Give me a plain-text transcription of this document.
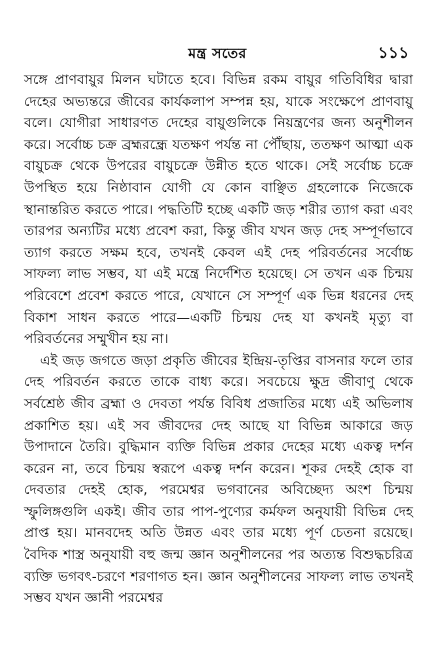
মন্ত্র সতের	১১১

সঙ্গে প্রাণবায়ুর মিলন ঘটাতে হবে। বিভিন্ন রকম বায়ুর গতিবিধির দ্বারা দেহের অভ্যন্তরে জীবের কার্যকলাপ সম্পন্ন হয়, যাকে সংক্ষেপে প্রাণবায়ু বলে। যোগীরা সাধারণত দেহের বায়ুগুলিকে নিয়ন্ত্রণের জন্য অনুশীলন করে। সর্বোচ্চ চক্র ব্রহ্মরন্ধ্রে যতক্ষণ পর্যন্ত না পৌঁছায়, ততক্ষণ আত্মা এক বায়ুচক্র থেকে উপরের বায়ুচক্রে উন্নীত হতে থাকে। সেই সর্বোচ্চ চক্রে উপস্থিত হয়ে নিষ্ঠাবান যোগী যে কোন বাঞ্ছিত গ্রহলোকে নিজেকে স্থানান্তরিত করতে পারে। পদ্ধতিটি হচ্ছে একটি জড় শরীর ত্যাগ করা এবং তারপর অন্যটির মধ্যে প্রবেশ করা, কিন্তু জীব যখন জড় দেহ সম্পূর্ণভাবে ত্যাগ করতে সক্ষম হবে, তখনই কেবল এই দেহ পরিবর্তনের সর্বোচ্চ সাফল্য লাভ সম্ভব, যা এই মন্ত্রে নির্দেশিত হয়েছে। সে তখন এক চিন্ময় পরিবেশে প্রবেশ করতে পারে, যেখানে সে সম্পূর্ণ এক ভিন্ন ধরনের দেহ বিকাশ সাধন করতে পারে—একটি চিন্ময় দেহ যা কখনই মৃত্যু বা পরিবর্তনের সম্মুখীন হয় না।

এই জড় জগতে জড়া প্রকৃতি জীবের ইন্দ্রিয়-তৃপ্তির বাসনার ফলে তার দেহ পরিবর্তন করতে তাকে বাধ্য করে। সবচেয়ে ক্ষুদ্র জীবাণু থেকে সর্বশ্রেষ্ঠ জীব ব্রহ্মা ও দেবতা পর্যন্ত বিবিধ প্রজাতির মধ্যে এই অভিলাষ প্রকাশিত হয়। এই সব জীবদের দেহ আছে যা বিভিন্ন আকারে জড় উপাদানে তৈরি। বুদ্ধিমান ব্যক্তি বিভিন্ন প্রকার দেহের মধ্যে একত্ব দর্শন করেন না, তবে চিন্ময় স্বরূপে একত্ব দর্শন করেন। শূকর দেহই হোক বা দেবতার দেহই হোক, পরমেশ্বর ভগবানের অবিচ্ছেদ্য অংশ চিন্ময় স্ফুলিঙ্গগুলি একই। জীব তার পাপ-পুণ্যের কর্মফল অনুযায়ী বিভিন্ন দেহ প্রাপ্ত হয়। মানবদেহ অতি উন্নত এবং তার মধ্যে পূর্ণ চেতনা রয়েছে। বৈদিক শাস্ত্র অনুযায়ী বহু জন্ম জ্ঞান অনুশীলনের পর অত্যন্ত বিশুদ্ধচরিত্র ব্যক্তি ভগবৎ-চরণে শরণাগত হন। জ্ঞান অনুশীলনের সাফল্য লাভ তখনই সম্ভব যখন জ্ঞানী পরমেশ্বর
